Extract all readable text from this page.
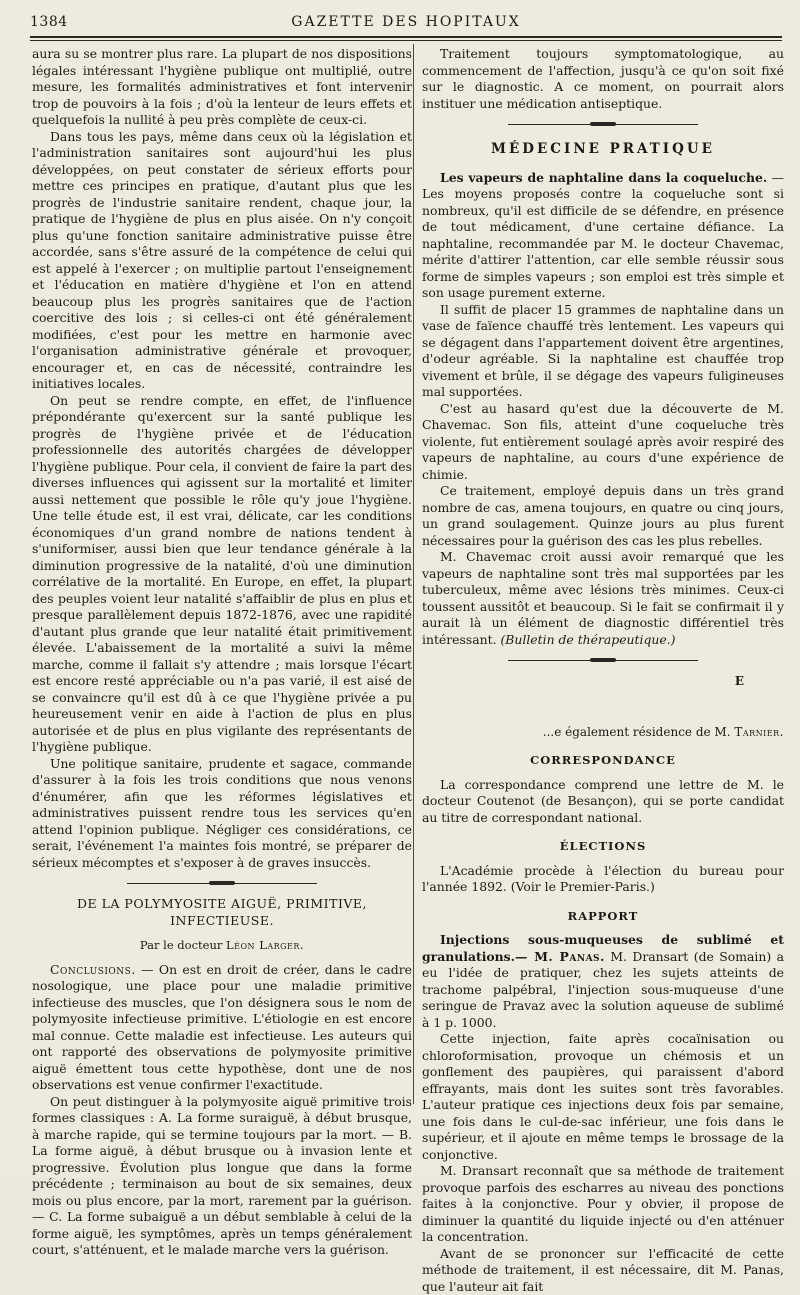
1384	GAZETTE DES HOPITAUX

aura su se montrer plus rare. La plupart de nos dispositions légales intéressant l'hygiène publique ont multiplié, outre mesure, les formalités administratives et font intervenir trop de pouvoirs à la fois ; d'où la lenteur de leurs effets et quelquefois la nullité à peu près complète de ceux-ci.

Dans tous les pays, même dans ceux où la législation et l'administration sanitaires sont aujourd'hui les plus développées, on peut constater de sérieux efforts pour mettre ces principes en pratique, d'autant plus que les progrès de l'industrie sanitaire rendent, chaque jour, la pratique de l'hygiène de plus en plus aisée. On n'y conçoit plus qu'une fonction sanitaire administrative puisse être accordée, sans s'être assuré de la compétence de celui qui est appelé à l'exercer ; on multiplie partout l'enseignement et l'éducation en matière d'hygiène et l'on en attend beaucoup plus les progrès sanitaires que de l'action coercitive des lois ; si celles-ci ont été généralement modifiées, c'est pour les mettre en harmonie avec l'organisation administrative générale et provoquer, encourager et, en cas de nécessité, contraindre les initiatives locales.

On peut se rendre compte, en effet, de l'influence prépondérante qu'exercent sur la santé publique les progrès de l'hygiène privée et de l'éducation professionnelle des autorités chargées de développer l'hygiène publique. Pour cela, il convient de faire la part des diverses influences qui agissent sur la mortalité et limiter aussi nettement que possible le rôle qu'y joue l'hygiène. Une telle étude est, il est vrai, délicate, car les conditions économiques d'un grand nombre de nations tendent à s'uniformiser, aussi bien que leur tendance générale à la diminution progressive de la natalité, d'où une diminution corrélative de la mortalité. En Europe, en effet, la plupart des peuples voient leur natalité s'affaiblir de plus en plus et presque parallèlement depuis 1872-1876, avec une rapidité d'autant plus grande que leur natalité était primitivement élevée. L'abaissement de la mortalité a suivi la même marche, comme il fallait s'y attendre ; mais lorsque l'écart est encore resté appréciable ou n'a pas varié, il est aisé de se convaincre qu'il est dû à ce que l'hygiène privée a pu heureusement venir en aide à l'action de plus en plus autorisée et de plus en plus vigilante des représentants de l'hygiène publique.

Une politique sanitaire, prudente et sagace, commande d'assurer à la fois les trois conditions que nous venons d'énumérer, afin que les réformes législatives et administratives puissent rendre tous les services qu'en attend l'opinion publique. Négliger ces considérations, ce serait, l'événement l'a maintes fois montré, se préparer de sérieux mécomptes et s'exposer à de graves insuccès.

DE LA POLYMYOSITE AIGUË, PRIMITIVE, INFECTIEUSE.
Par le docteur Léon Larger.

Conclusions. — On est en droit de créer, dans le cadre nosologique, une place pour une maladie primitive infectieuse des muscles, que l'on désignera sous le nom de polymyosite infectieuse primitive. L'étiologie en est encore mal connue. Cette maladie est infectieuse. Les auteurs qui ont rapporté des observations de polymyosite primitive aiguë émettent tous cette hypothèse, dont une de nos observations est venue confirmer l'exactitude.

On peut distinguer à la polymyosite aiguë primitive trois formes classiques : A. La forme suraiguë, à début brusque, à marche rapide, qui se termine toujours par la mort. — B. La forme aiguë, à début brusque ou à invasion lente et progressive. Évolution plus longue que dans la forme précédente ; terminaison au bout de six semaines, deux mois ou plus encore, par la mort, rarement par la guérison. — C. La forme subaiguë a un début semblable à celui de la forme aiguë, les symptômes, après un temps généralement court, s'atténuent, et le malade marche vers la guérison.

Traitement toujours symptomatologique, au commencement de l'affection, jusqu'à ce qu'on soit fixé sur le diagnostic. A ce moment, on pourrait alors instituer une médication antiseptique.

MÉDECINE PRATIQUE

Les vapeurs de naphtaline dans la coqueluche. — Les moyens proposés contre la coqueluche sont si nombreux, qu'il est difficile de se défendre, en présence de tout médicament, d'une certaine défiance. La naphtaline, recommandée par M. le docteur Chavemac, mérite d'attirer l'attention, car elle semble réussir sous forme de simples vapeurs ; son emploi est très simple et son usage purement externe.

Il suffit de placer 15 grammes de naphtaline dans un vase de faïence chauffé très lentement. Les vapeurs qui se dégagent dans l'appartement doivent être argentines, d'odeur agréable. Si la naphtaline est chauffée trop vivement et brûle, il se dégage des vapeurs fuligineuses mal supportées.

C'est au hasard qu'est due la découverte de M. Chavemac. Son fils, atteint d'une coqueluche très violente, fut entièrement soulagé après avoir respiré des vapeurs de naphtaline, au cours d'une expérience de chimie.

Ce traitement, employé depuis dans un très grand nombre de cas, amena toujours, en quatre ou cinq jours, un grand soulagement. Quinze jours au plus furent nécessaires pour la guérison des cas les plus rebelles.

M. Chavemac croit aussi avoir remarqué que les vapeurs de naphtaline sont très mal supportées par les tuberculeux, même avec lésions très minimes. Ceux-ci toussent aussitôt et beaucoup. Si le fait se confirmait il y aurait là un élément de diagnostic différentiel très intéressant. (Bulletin de thérapeutique.)

E
...e également résidence de M. Tarnier.
CORRESPONDANCE

La correspondance comprend une lettre de M. le docteur Coutenot (de Besançon), qui se porte candidat au titre de correspondant national.

ÉLECTIONS

L'Académie procède à l'élection du bureau pour l'année 1892. (Voir le Premier-Paris.)

RAPPORT

Injections sous-muqueuses de sublimé et granulations.— M. Panas. M. Dransart (de Somain) a eu l'idée de pratiquer, chez les sujets atteints de trachome palpébral, l'injection sous-muqueuse d'une seringue de Pravaz avec la solution aqueuse de sublimé à 1 p. 1000.

Cette injection, faite après cocaïnisation ou chloroformisation, provoque un chémosis et un gonflement des paupières, qui paraissent d'abord effrayants, mais dont les suites sont très favorables. L'auteur pratique ces injections deux fois par semaine, une fois dans le cul-de-sac inférieur, une fois dans le supérieur, et il ajoute en même temps le brossage de la conjonctive.

M. Dransart reconnaît que sa méthode de traitement provoque parfois des escharres au niveau des ponctions faites à la conjonctive. Pour y obvier, il propose de diminuer la quantité du liquide injecté ou d'en atténuer la concentration.

Avant de se prononcer sur l'efficacité de cette méthode de traitement, il est nécessaire, dit M. Panas, que l'auteur ait fait
